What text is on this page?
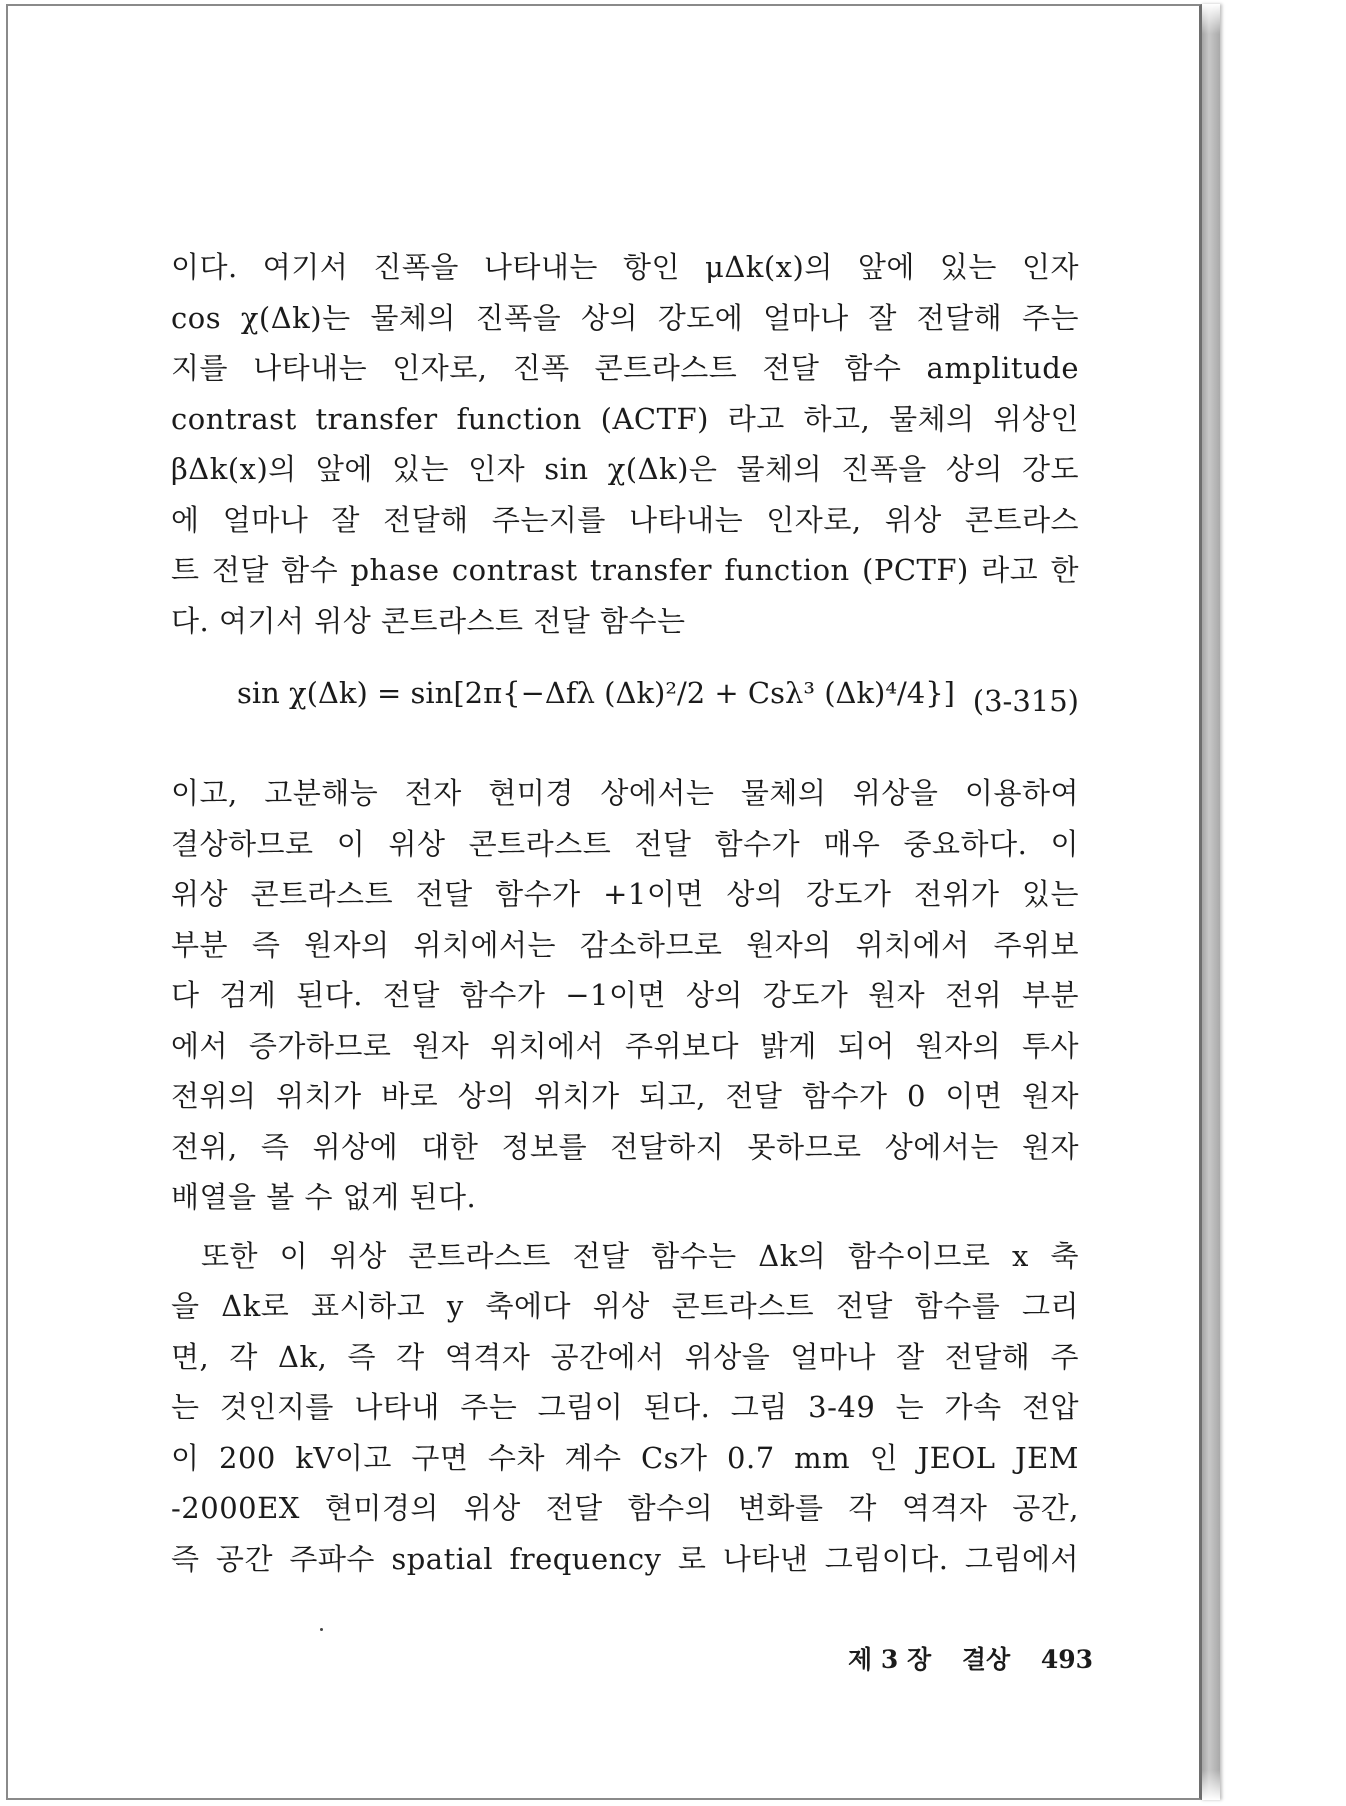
이다. 여기서 진폭을 나타내는 항인 μΔk(x)의 앞에 있는 인자
cos χ(Δk)는 물체의 진폭을 상의 강도에 얼마나 잘 전달해 주는
지를 나타내는 인자로, 진폭 콘트라스트 전달 함수 amplitude
contrast transfer function (ACTF) 라고 하고, 물체의 위상인
βΔk(x)의 앞에 있는 인자 sin χ(Δk)은 물체의 진폭을 상의 강도
에 얼마나 잘 전달해 주는지를 나타내는 인자로, 위상 콘트라스
트 전달 함수 phase contrast transfer function (PCTF) 라고 한
다. 여기서 위상 콘트라스트 전달 함수는
sin χ(Δk) = sin[2π{−Δfλ (Δk)²/2 + Csλ³ (Δk)⁴/4}] (3-315)
이고, 고분해능 전자 현미경 상에서는 물체의 위상을 이용하여
결상하므로 이 위상 콘트라스트 전달 함수가 매우 중요하다. 이
위상 콘트라스트 전달 함수가 +1이면 상의 강도가 전위가 있는
부분 즉 원자의 위치에서는 감소하므로 원자의 위치에서 주위보
다 검게 된다. 전달 함수가 −1이면 상의 강도가 원자 전위 부분
에서 증가하므로 원자 위치에서 주위보다 밝게 되어 원자의 투사
전위의 위치가 바로 상의 위치가 되고, 전달 함수가 0 이면 원자
전위, 즉 위상에 대한 정보를 전달하지 못하므로 상에서는 원자
배열을 볼 수 없게 된다.
또한 이 위상 콘트라스트 전달 함수는 Δk의 함수이므로 x 축
을 Δk로 표시하고 y 축에다 위상 콘트라스트 전달 함수를 그리
면, 각 Δk, 즉 각 역격자 공간에서 위상을 얼마나 잘 전달해 주
는 것인지를 나타내 주는 그림이 된다. 그림 3-49 는 가속 전압
이 200 kV이고 구면 수차 계수 Cs가 0.7 mm 인 JEOL JEM
-2000EX 현미경의 위상 전달 함수의 변화를 각 역격자 공간,
즉 공간 주파수 spatial frequency 로 나타낸 그림이다. 그림에서
제 3 장 결상 493
